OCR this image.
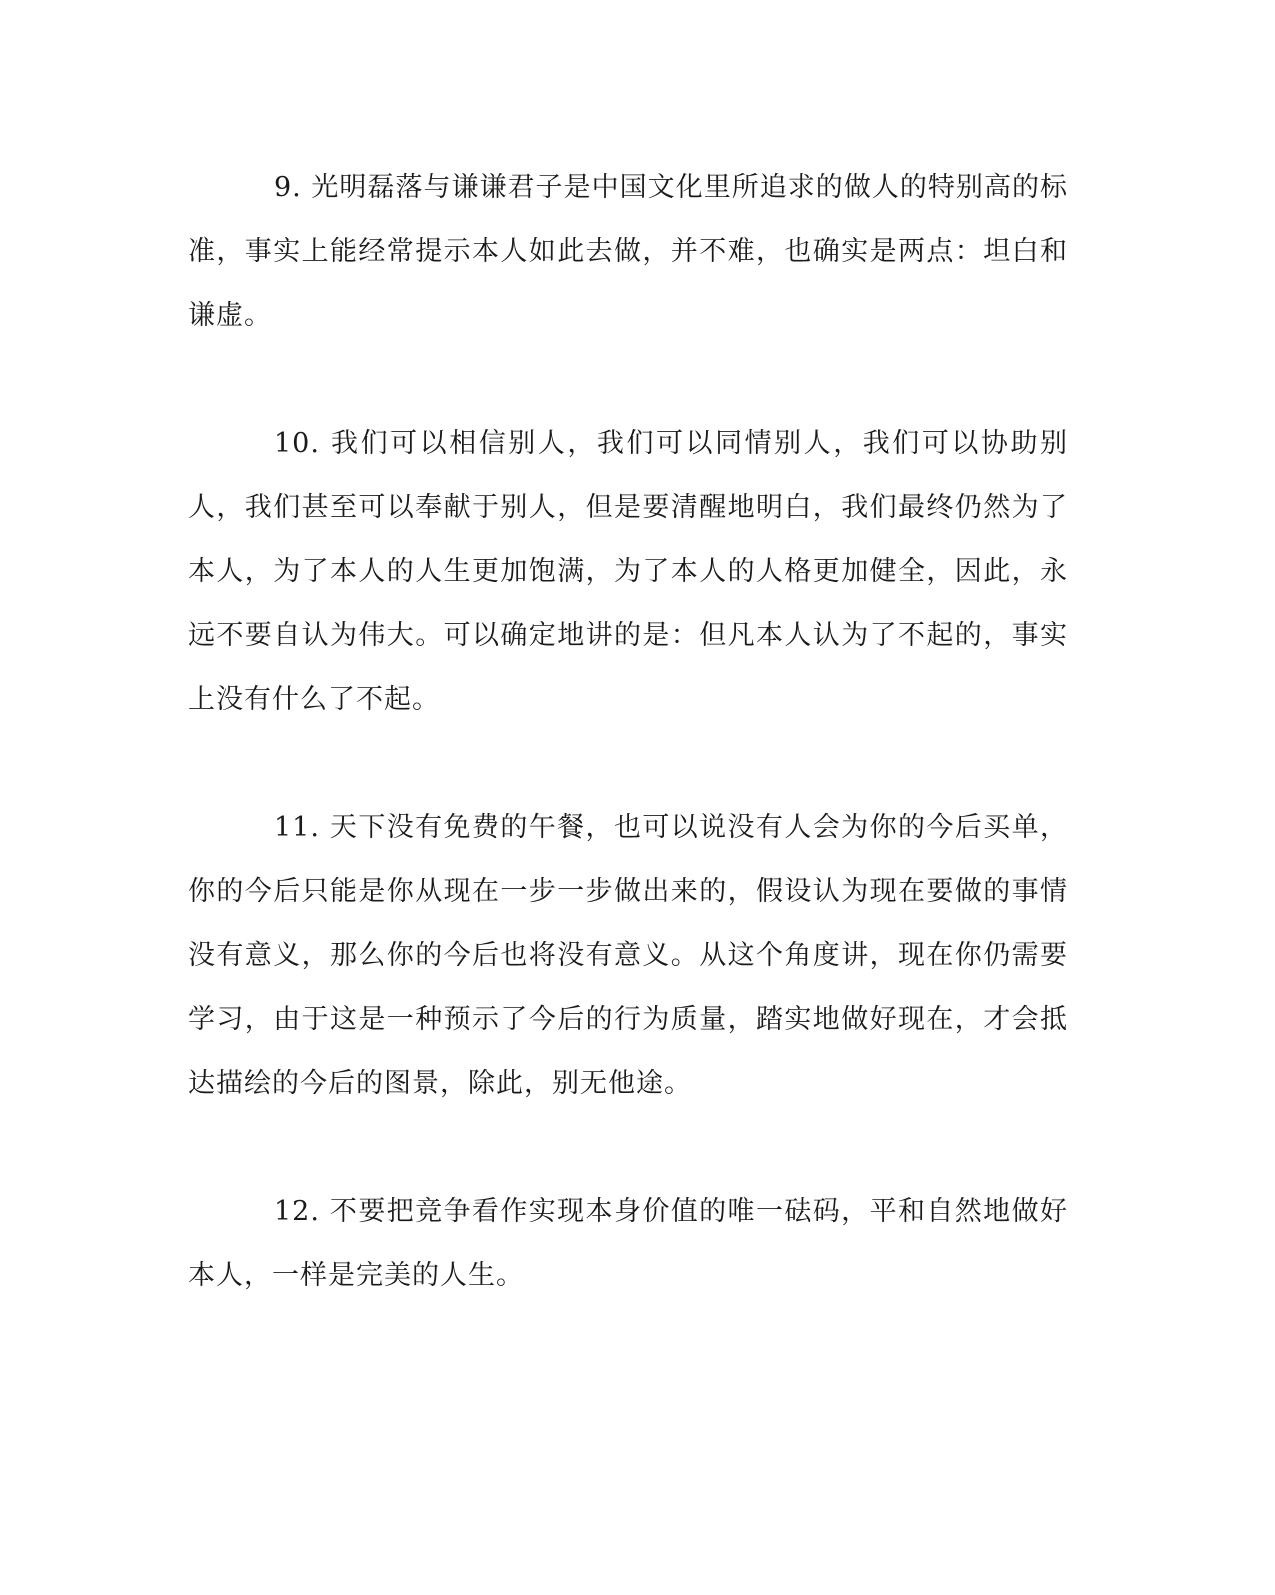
9. 光明磊落与谦谦君子是中国文化里所追求的做人的特别高的标准，事实上能经常提示本人如此去做，并不难，也确实是两点：坦白和谦虚。

10. 我们可以相信别人，我们可以同情别人，我们可以协助别人，我们甚至可以奉献于别人，但是要清醒地明白，我们最终仍然为了本人，为了本人的人生更加饱满，为了本人的人格更加健全，因此，永远不要自认为伟大。可以确定地讲的是：但凡本人认为了不起的，事实上没有什么了不起。

11. 天下没有免费的午餐，也可以说没有人会为你的今后买单，你的今后只能是你从现在一步一步做出来的，假设认为现在要做的事情没有意义，那么你的今后也将没有意义。从这个角度讲，现在你仍需要学习，由于这是一种预示了今后的行为质量，踏实地做好现在，才会抵达描绘的今后的图景，除此，别无他途。

12. 不要把竞争看作实现本身价值的唯一砝码，平和自然地做好本人，一样是完美的人生。
